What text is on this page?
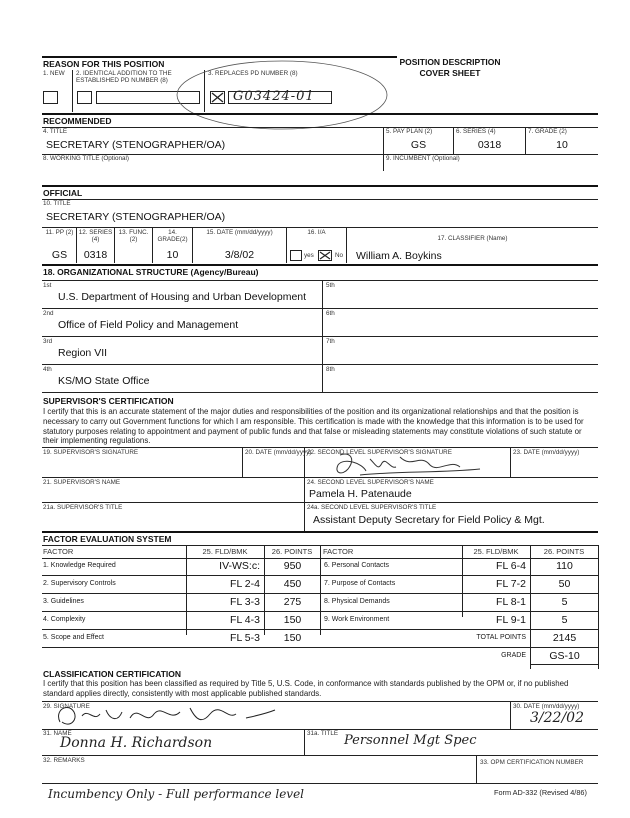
REASON FOR THIS POSITION
1. NEW 2. IDENTICAL ADDITION TO THE ESTABLISHED PD NUMBER (8)
3. REPLACES PD NUMBER (8)
G03424-01
POSITION DESCRIPTION
COVER SHEET
RECOMMENDED
4. TITLE
SECRETARY (STENOGRAPHER/OA)
5. PAY PLAN (2)
GS
6. SERIES (4)
0318
7. GRADE (2)
10
8. WORKING TITLE (Optional)	9. INCUMBENT (Optional)
OFFICIAL
10. TITLE
SECRETARY (STENOGRAPHER/OA)
11. PP (2)
GS
12. SERIES (4)
0318
13. FUNC.(2)
14. GRADE(2)
10
15. DATE (mm/dd/yyyy)
3/8/02
16. I/A
yes	No
17. CLASSIFIER (Name)
William A. Boykins
18. ORGANIZATIONAL STRUCTURE (Agency/Bureau)
1st
U.S. Department of Housing and Urban Development
2nd
Office of Field Policy and Management
3rd
Region VII
4th
KS/MO State Office
5th
6th
7th
8th
SUPERVISOR'S CERTIFICATION
I certify that this is an accurate statement of the major duties and responsibilities of the position and its organizational relationships and that the position is necessary to carry out Government functions for which I am responsible. This certification is made with the knowledge that this information is to be used for statutory purposes relating to appointment and payment of public funds and that false or misleading statements may constitute violations of such statute or their implementing regulations.
19. SUPERVISOR'S SIGNATURE	20. DATE (mm/dd/yyyy)
22. SECOND LEVEL SUPERVISOR'S SIGNATURE	23. DATE (mm/dd/yyyy)
21. SUPERVISOR'S NAME	24. SECOND LEVEL SUPERVISOR'S NAME
Pamela H. Patenaude
21a. SUPERVISOR'S TITLE	24a. SECOND LEVEL SUPERVISOR'S TITLE
Assistant Deputy Secretary for Field Policy & Mgt.
FACTOR EVALUATION SYSTEM
FACTOR	25. FLD/BMK	26. POINTS	FACTOR	25. FLD/BMK	26. POINTS
1. Knowledge Required	IV-WS:c:	950
2. Supervisory Controls	FL 2-4	450
3. Guidelines	FL 3-3	275
4. Complexity	FL 4-3	150
5. Scope and Effect	FL 5-3	150
6. Personal Contacts	FL 6-4	110
7. Purpose of Contacts	FL 7-2	50
8. Physical Demands	FL 8-1	5
9. Work Environment	FL 9-1	5
TOTAL POINTS	2145
GRADE	GS-10
CLASSIFICATION CERTIFICATION
I certify that this position has been classified as required by Title 5, U.S. Code, in conformance with standards published by the OPM or, if no published standard applies directly, consistently with most applicable published standards.
29. SIGNATURE	30. DATE (mm/dd/yyyy)
3/22/02
31. NAME
Donna H. Richardson
31a. TITLE Personnel Mgt Spec
32. REMARKS	33. OPM CERTIFICATION NUMBER
Incumbency Only - Full performance level	Form AD-332 (Revised 4/86)
